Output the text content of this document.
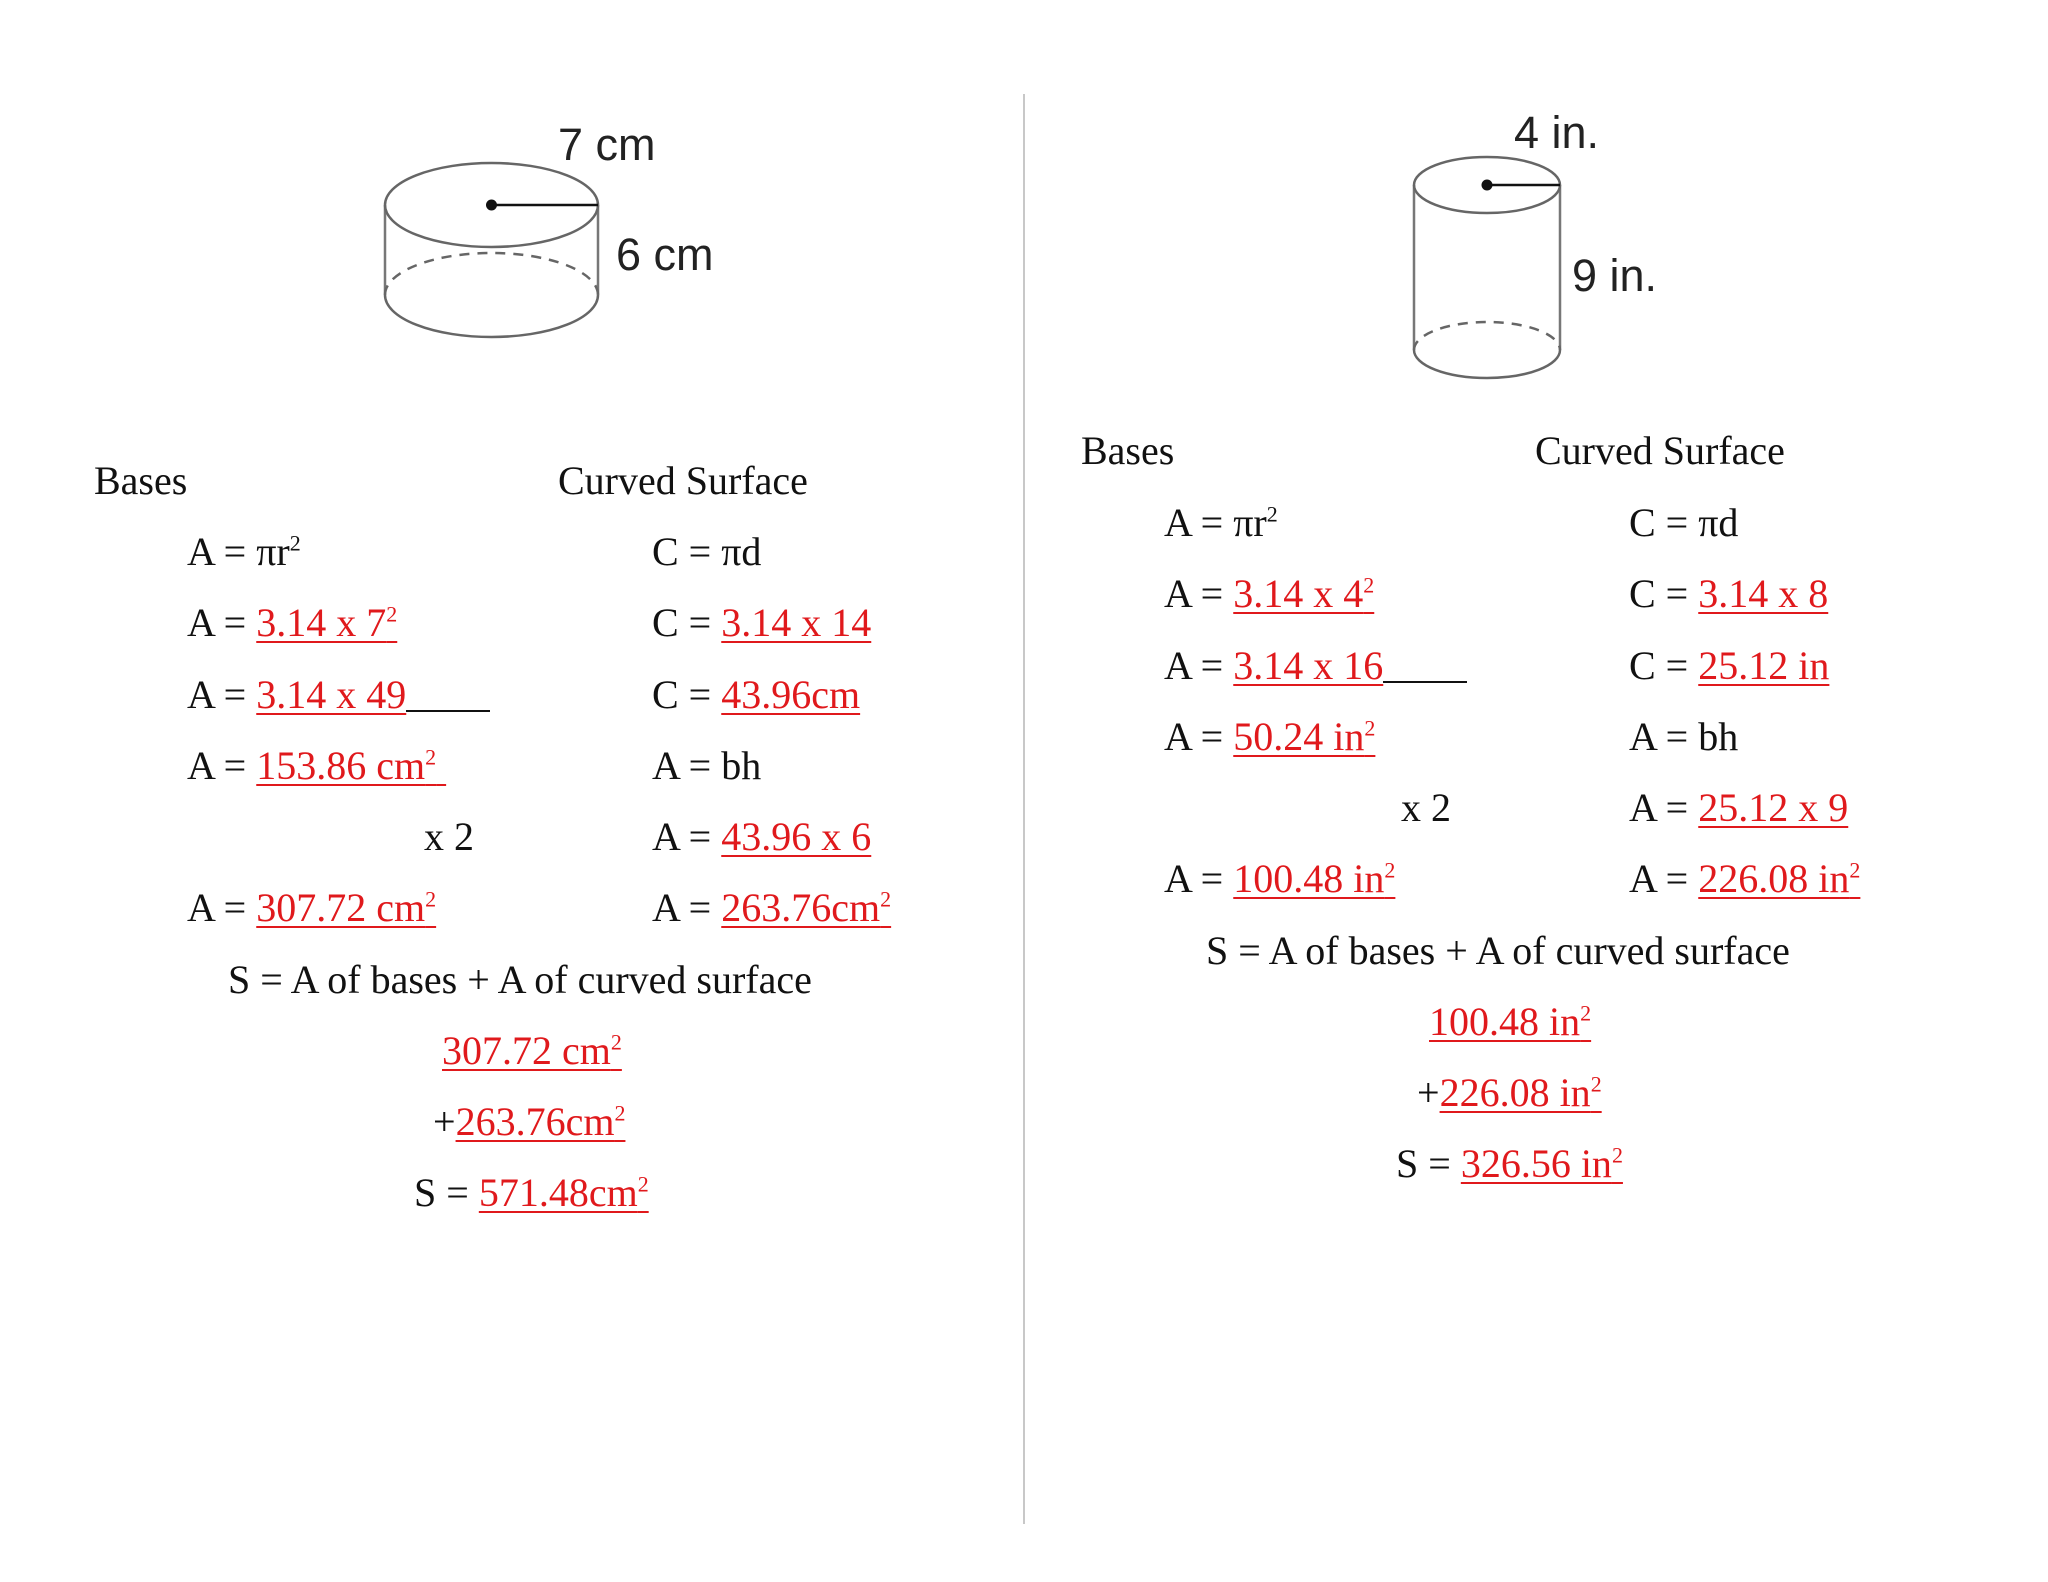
7 cm
6 cm
Bases	Curved Surface
$A = \pi r^2$
A = 3.14 x $7^2$
A = 3.14 x 49
A = 153.86 $cm^2$
x 2
A = 307.72 $cm^2$
C = πd
C = 3.14 x 14
C = 43.96cm
A = bh
A = 43.96 x 6
$A = 263.76cm^2$
S = A of bases + A of curved surface
307.72 $cm^2$
$+263.76cm^2$
$S = 571.48cm^2$
4 in.
9 in.
Bases	Curved Surface
$A = \pi r^2$
A = 3.14 x $4^2$
A = 3.14 x 16
A = 50.24 $in^2$
x 2
A = 100.48 $in^2$
C = πd
C = 3.14 x 8
C = 25.12 in
A = bh
A = 25.12 x 9
A = 226.08 $in^2$
S = A of bases + A of curved surface
100.48 $in^2$
+226.08 $in^2$
S = 326.56 $in^2$
